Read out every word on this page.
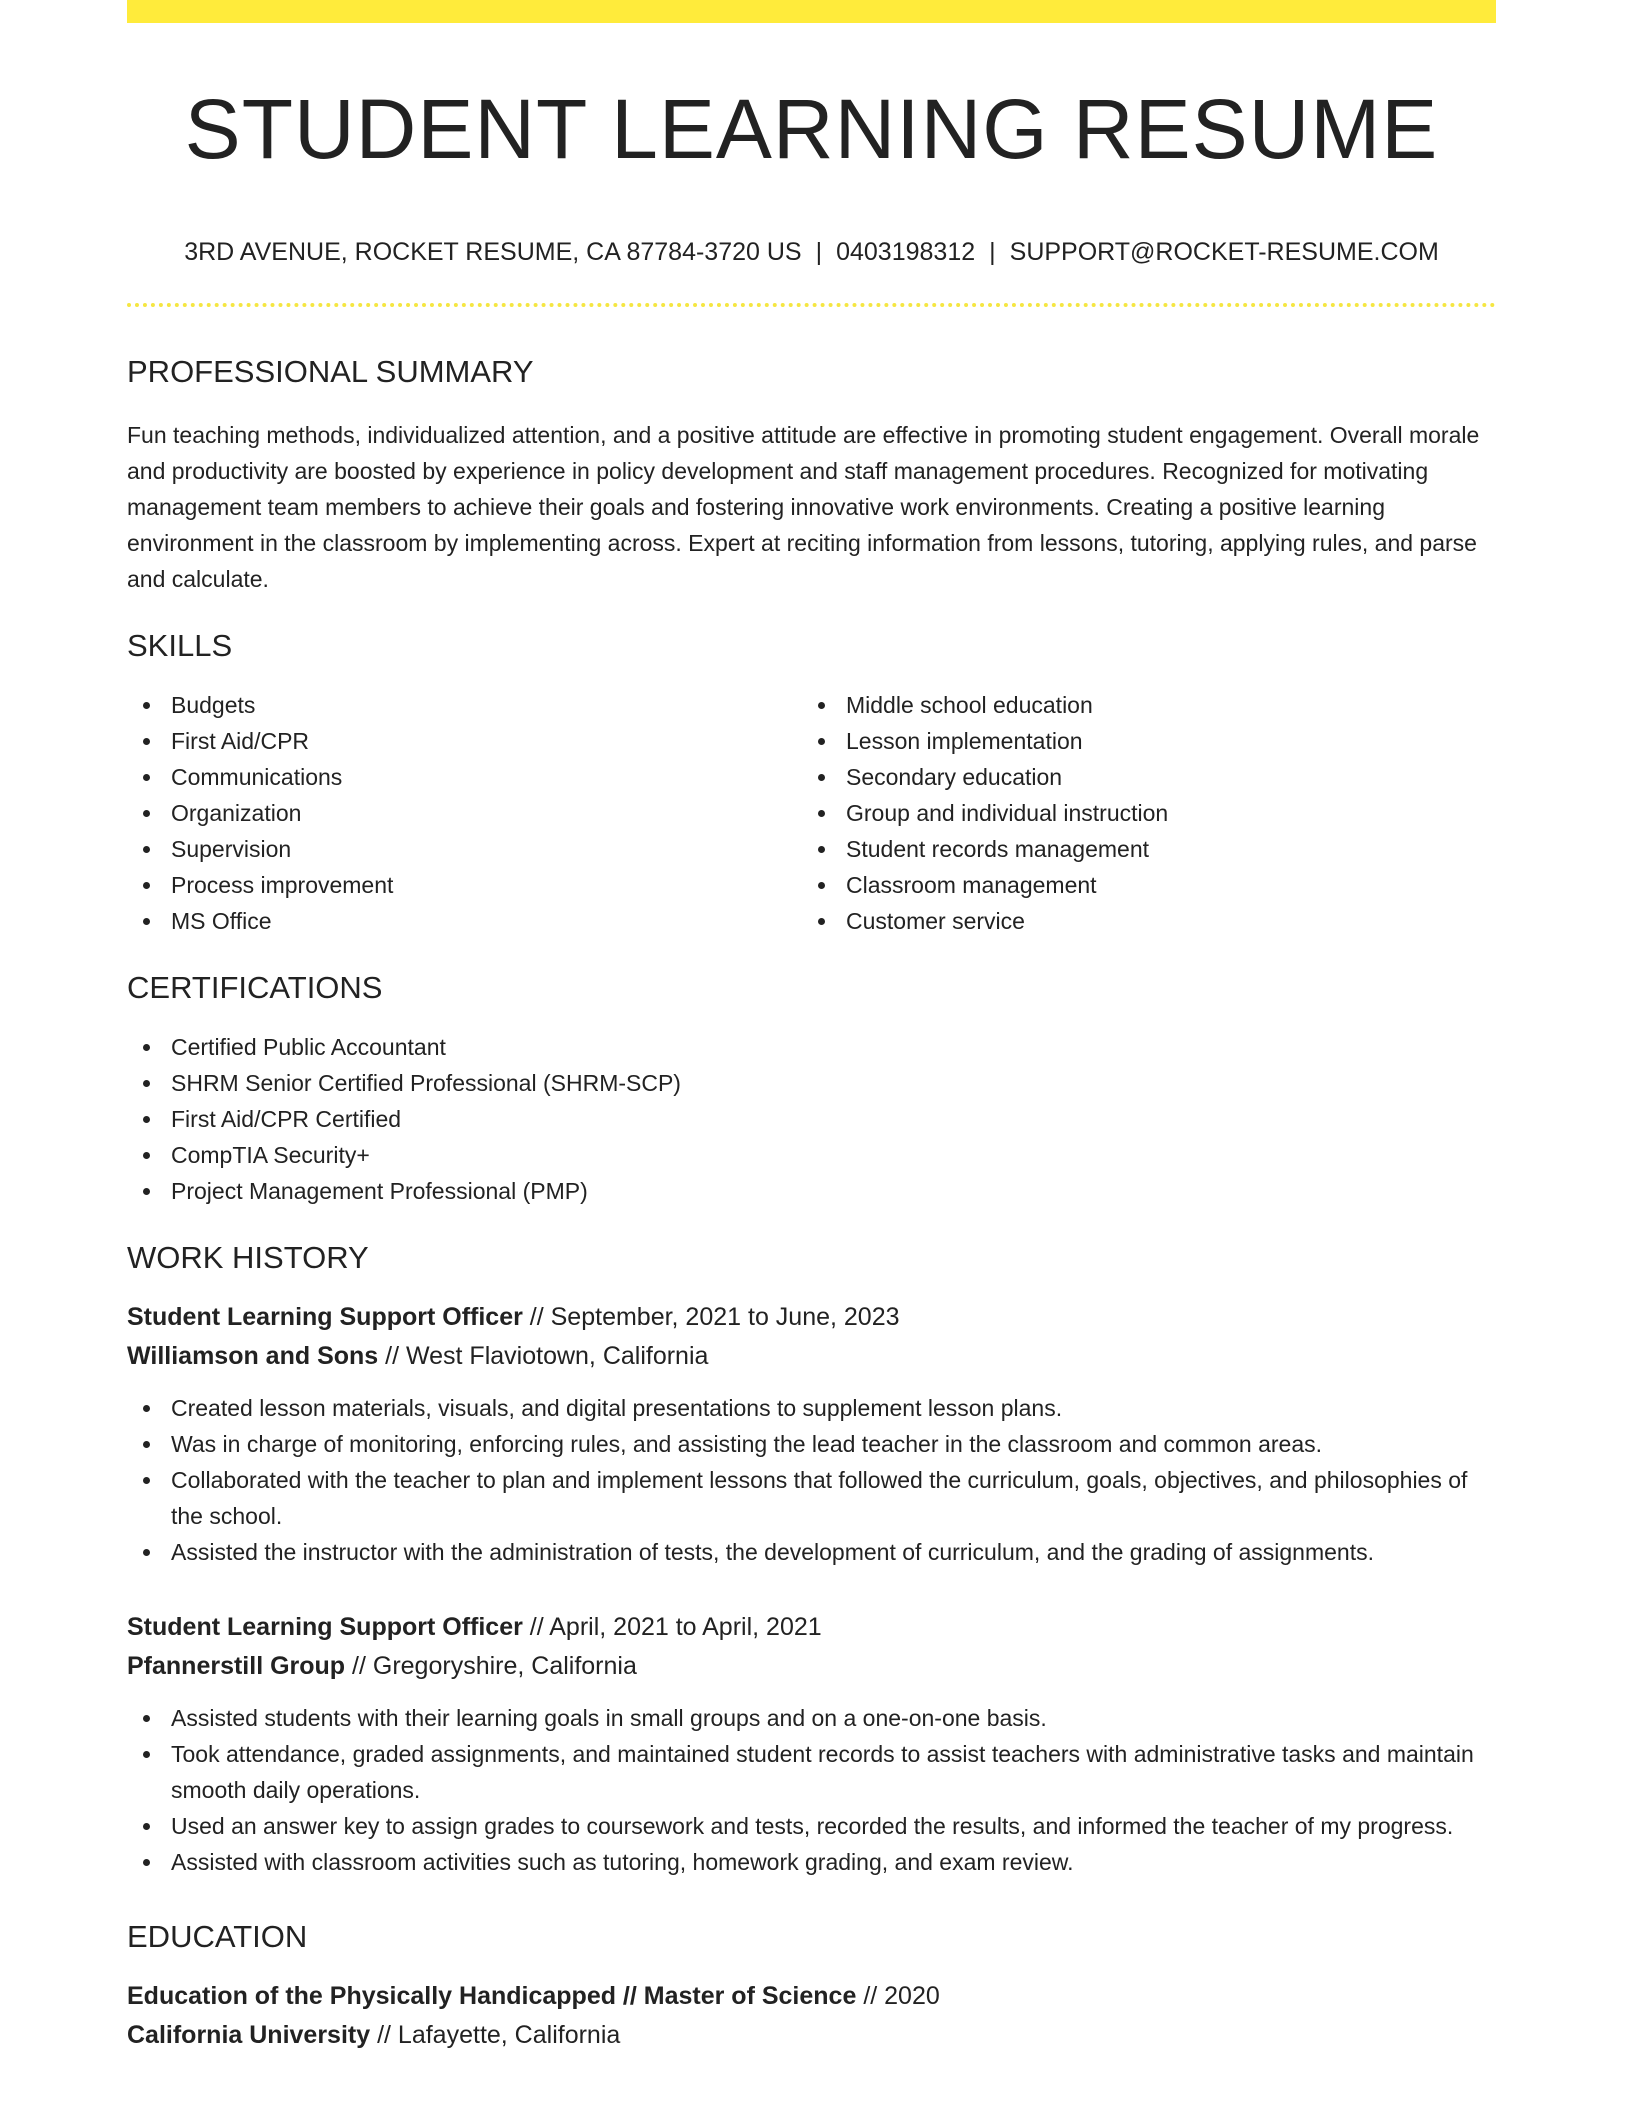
STUDENT LEARNING RESUME
3RD AVENUE, ROCKET RESUME, CA 87784-3720 US | 0403198312 | SUPPORT@ROCKET-RESUME.COM
PROFESSIONAL SUMMARY

Fun teaching methods, individualized attention, and a positive attitude are effective in promoting student engagement. Overall morale and productivity are boosted by experience in policy development and staff management procedures. Recognized for motivating management team members to achieve their goals and fostering innovative work environments. Creating a positive learning environment in the classroom by implementing across. Expert at reciting information from lessons, tutoring, applying rules, and parse and calculate.

SKILLS
Budgets
First Aid/CPR
Communications
Organization
Supervision
Process improvement
MS Office
Middle school education
Lesson implementation
Secondary education
Group and individual instruction
Student records management
Classroom management
Customer service
CERTIFICATIONS
Certified Public Accountant
SHRM Senior Certified Professional (SHRM-SCP)
First Aid/CPR Certified
CompTIA Security+
Project Management Professional (PMP)
WORK HISTORY
Student Learning Support Officer // September, 2021 to June, 2023
Williamson and Sons // West Flaviotown, California
Created lesson materials, visuals, and digital presentations to supplement lesson plans.
Was in charge of monitoring, enforcing rules, and assisting the lead teacher in the classroom and common areas.
Collaborated with the teacher to plan and implement lessons that followed the curriculum, goals, objectives, and philosophies of the school.
Assisted the instructor with the administration of tests, the development of curriculum, and the grading of assignments.
Student Learning Support Officer // April, 2021 to April, 2021
Pfannerstill Group // Gregoryshire, California
Assisted students with their learning goals in small groups and on a one-on-one basis.
Took attendance, graded assignments, and maintained student records to assist teachers with administrative tasks and maintain smooth daily operations.
Used an answer key to assign grades to coursework and tests, recorded the results, and informed the teacher of my progress.
Assisted with classroom activities such as tutoring, homework grading, and exam review.
EDUCATION
Education of the Physically Handicapped // Master of Science // 2020
California University // Lafayette, California
